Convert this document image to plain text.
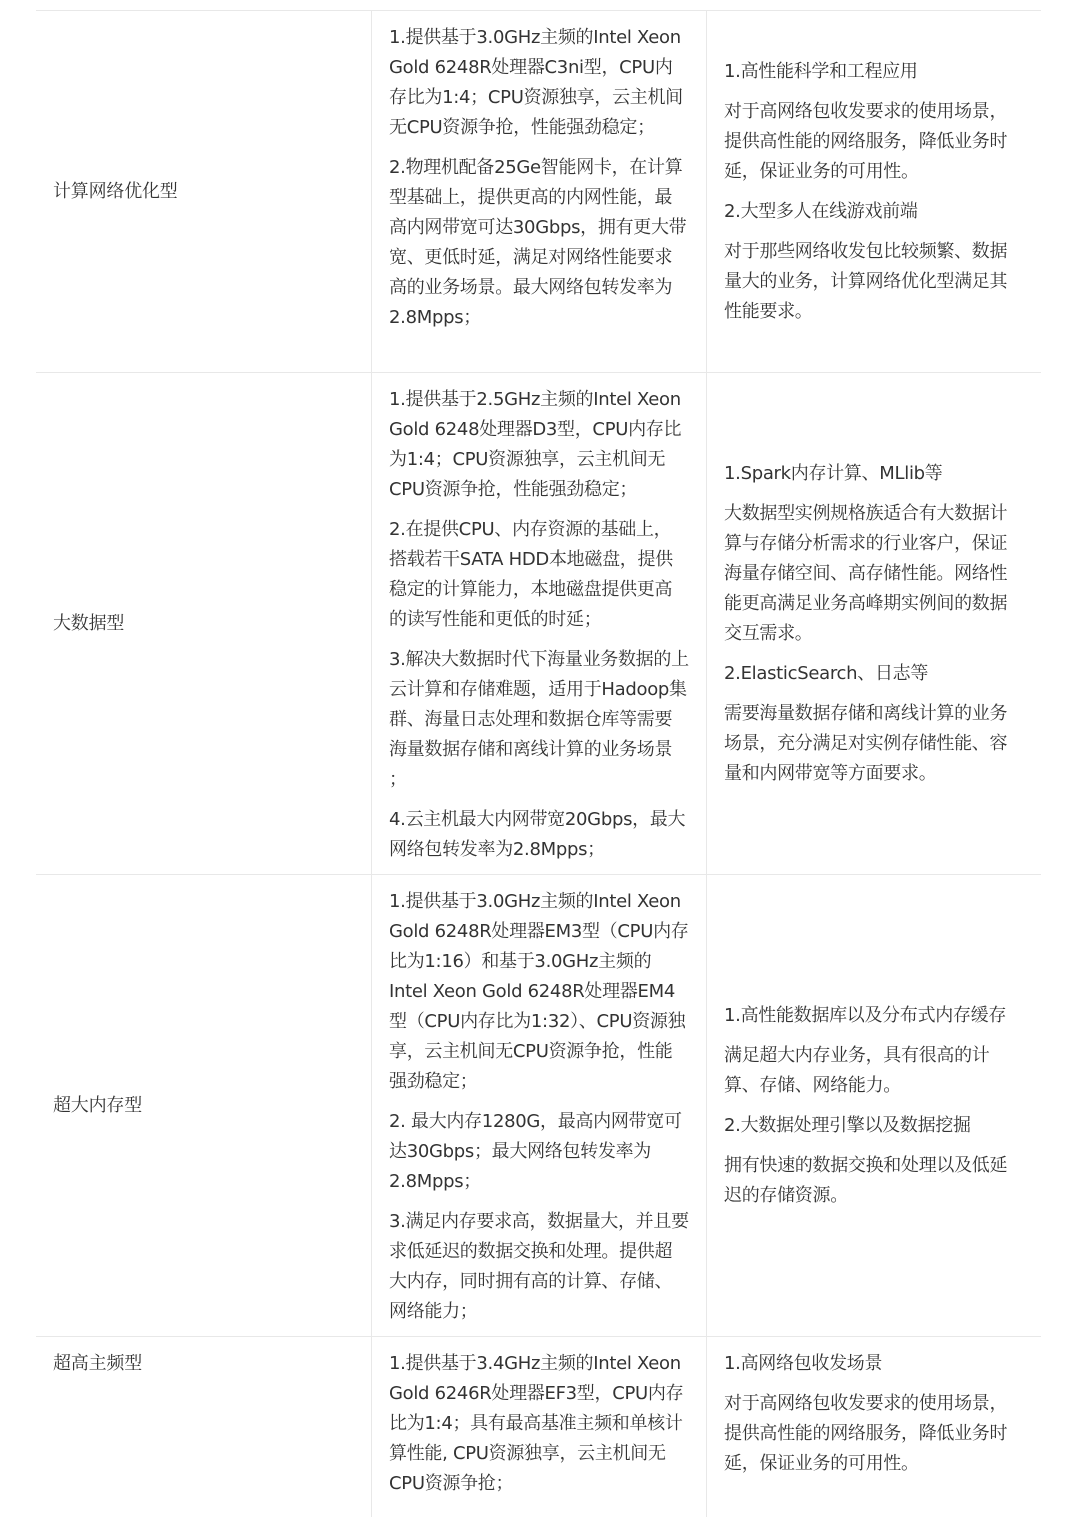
计算网络优化型

1.提供基于3.0GHz主频的Intel Xeon Gold 6248R处理器C3ni型，CPU内存比为1:4；CPU资源独享，云主机间无CPU资源争抢，性能强劲稳定；

2.物理机配备25Ge智能网卡，在计算型基础上，提供更高的内网性能，最高内网带宽可达30Gbps，拥有更大带宽、更低时延，满足对网络性能要求高的业务场景。最大网络包转发率为2.8Mpps；

1.高性能科学和工程应用

对于高网络包收发要求的使用场景，提供高性能的网络服务，降低业务时延，保证业务的可用性。

2.大型多人在线游戏前端

对于那些网络收发包比较频繁、数据量大的业务，计算网络优化型满足其性能要求。

大数据型

1.提供基于2.5GHz主频的Intel Xeon Gold 6248处理器D3型，CPU内存比为1:4；CPU资源独享，云主机间无CPU资源争抢，性能强劲稳定；

2.在提供CPU、内存资源的基础上，搭载若干SATA HDD本地磁盘，提供稳定的计算能力，本地磁盘提供更高的读写性能和更低的时延；

3.解决大数据时代下海量业务数据的上云计算和存储难题，适用于Hadoop集群、海量日志处理和数据仓库等需要海量数据存储和离线计算的业务场景 ；

4.云主机最大内网带宽20Gbps，最大网络包转发率为2.8Mpps；

1.Spark内存计算、MLlib等

大数据型实例规格族适合有大数据计算与存储分析需求的行业客户，保证海量存储空间、高存储性能。网络性能更高满足业务高峰期实例间的数据交互需求。

2.ElasticSearch、日志等

需要海量数据存储和离线计算的业务场景，充分满足对实例存储性能、容量和内网带宽等方面要求。

超大内存型

1.提供基于3.0GHz主频的Intel Xeon Gold 6248R处理器EM3型（CPU内存比为1:16）和基于3.0GHz主频的Intel Xeon Gold 6248R处理器EM4型（CPU内存比为1:32）、CPU资源独享，云主机间无CPU资源争抢，性能强劲稳定；

2. 最大内存1280G，最高内网带宽可达30Gbps；最大网络包转发率为2.8Mpps；

3.满足内存要求高，数据量大，并且要求低延迟的数据交换和处理。提供超大内存，同时拥有高的计算、存储、网络能力；

1.高性能数据库以及分布式内存缓存

满足超大内存业务，具有很高的计算、存储、网络能力。

2.大数据处理引擎以及数据挖掘

拥有快速的数据交换和处理以及低延迟的存储资源。

超高主频型	1.提供基于3.4GHz主频的Intel Xeon Gold 6246R处理器EF3型，CPU内存比为1:4；具有最高基准主频和单核计算性能, CPU资源独享，云主机间无CPU资源争抢；

1.高网络包收发场景

对于高网络包收发要求的使用场景，提供高性能的网络服务，降低业务时延，保证业务的可用性。
